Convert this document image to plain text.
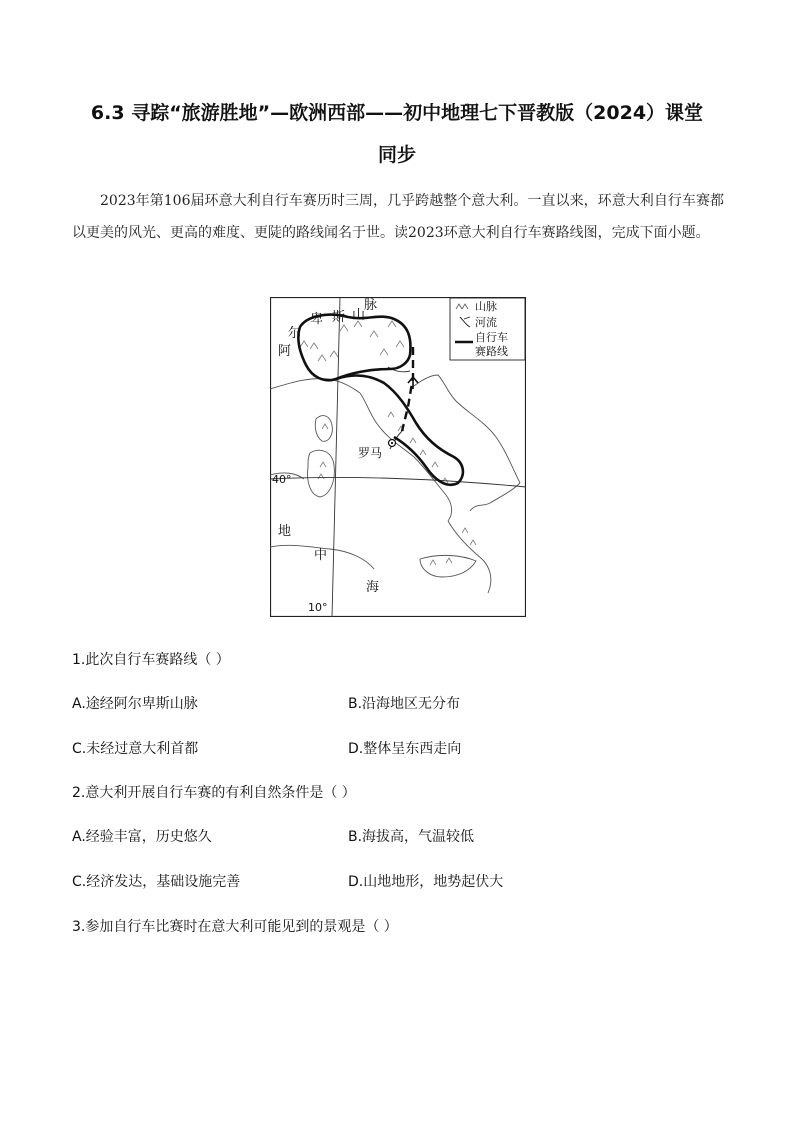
6.3 寻踪“旅游胜地”—欧洲西部——初中地理七下晋教版（2024）课堂
同步
2023年第106届环意大利自行车赛历时三周，几乎跨越整个意大利。一直以来，环意大利自行车赛都以更美的风光、更高的难度、更陡的路线闻名于世。读2023环意大利自行车赛路线图，完成下面小题。
山脉
河流
自行车
赛路线
阿
尔
卑 斯 山
脉
罗马
40°
10°
地
中
海
1.此次自行车赛路线（ ）
A.途经阿尔卑斯山脉	B.沿海地区无分布
C.未经过意大利首都	D.整体呈东西走向
2.意大利开展自行车赛的有利自然条件是（ ）
A.经验丰富，历史悠久	B.海拔高，气温较低
C.经济发达，基础设施完善	D.山地地形，地势起伏大
3.参加自行车比赛时在意大利可能见到的景观是（ ）
